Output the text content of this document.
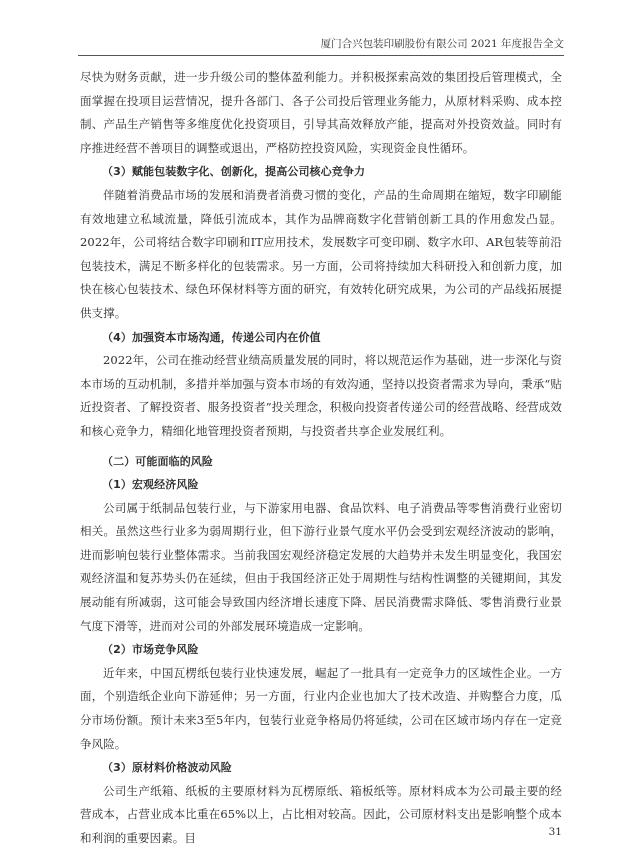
厦门合兴包装印刷股份有限公司 2021 年度报告全文

尽快为财务贡献，进一步升级公司的整体盈利能力。并积极探索高效的集团投后管理模式，全面掌握在投项目运营情况，提升各部门、各子公司投后管理业务能力，从原材料采购、成本控制、产品生产销售等多维度优化投资项目，引导其高效释放产能，提高对外投资效益。同时有序推进经营不善项目的调整或退出，严格防控投资风险，实现资金良性循环。

（3）赋能包装数字化、创新化，提高公司核心竞争力

伴随着消费品市场的发展和消费者消费习惯的变化，产品的生命周期在缩短，数字印刷能有效地建立私域流量，降低引流成本，其作为品牌商数字化营销创新工具的作用愈发凸显。2022年，公司将结合数字印刷和IT应用技术，发展数字可变印刷、数字水印、AR包装等前沿包装技术，满足不断多样化的包装需求。另一方面，公司将持续加大科研投入和创新力度，加快在核心包装技术、绿色环保材料等方面的研究，有效转化研究成果，为公司的产品线拓展提供支撑。

（4）加强资本市场沟通，传递公司内在价值

2022年，公司在推动经营业绩高质量发展的同时，将以规范运作为基础，进一步深化与资本市场的互动机制，多措并举加强与资本市场的有效沟通，坚持以投资者需求为导向，秉承“贴近投资者、了解投资者、服务投资者”投关理念，积极向投资者传递公司的经营战略、经营成效和核心竞争力，精细化地管理投资者预期，与投资者共享企业发展红利。

（二）可能面临的风险

（1）宏观经济风险

公司属于纸制品包装行业，与下游家用电器、食品饮料、电子消费品等零售消费行业密切相关。虽然这些行业多为弱周期行业，但下游行业景气度水平仍会受到宏观经济波动的影响，进而影响包装行业整体需求。当前我国宏观经济稳定发展的大趋势并未发生明显变化，我国宏观经济温和复苏势头仍在延续，但由于我国经济正处于周期性与结构性调整的关键期间，其发展动能有所减弱，这可能会导致国内经济增长速度下降、居民消费需求降低、零售消费行业景气度下滑等，进而对公司的外部发展环境造成一定影响。

（2）市场竞争风险

近年来，中国瓦楞纸包装行业快速发展，崛起了一批具有一定竞争力的区域性企业。一方面，个别造纸企业向下游延伸；另一方面，行业内企业也加大了技术改造、并购整合力度，瓜分市场份额。预计未来3至5年内，包装行业竞争格局仍将延续，公司在区域市场内存在一定竞争风险。

（3）原材料价格波动风险

公司生产纸箱、纸板的主要原材料为瓦楞原纸、箱板纸等。原材料成本为公司最主要的经营成本，占营业成本比重在65%以上，占比相对较高。因此，公司原材料支出是影响整个成本和利润的重要因素。目	31
